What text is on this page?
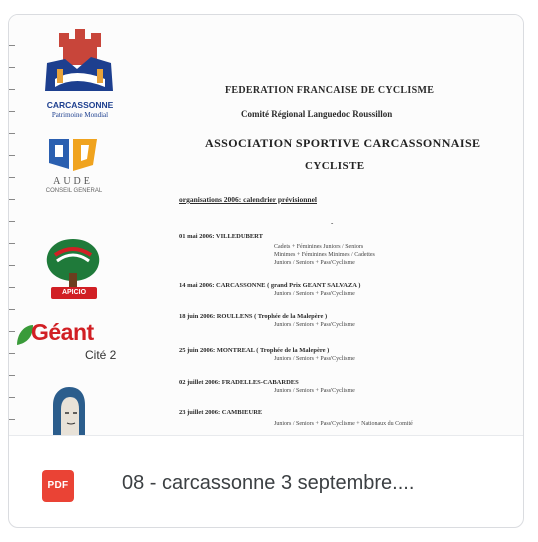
CARCASSONNE
Patrimoine Mondial
AUDE
CONSEIL GENERAL
APICIO
Géant
Cité 2
FEDERATION FRANCAISE DE CYCLISME
Comité Régional Languedoc Roussillon
ASSOCIATION SPORTIVE CARCASSONNAISE
CYCLISTE
organisations 2006: calendrier prévisionnel
-
01 mai 2006: VILLEDUBERT
Cadets + Féminines Juniors / Seniors
Minimes + Féminines Minimes / Cadettes
Juniors / Seniors + Pass'Cyclisme
14 mai 2006: CARCASSONNE ( grand Prix GEANT SALVAZA )
Juniors / Seniors + Pass'Cyclisme
18 juin 2006: ROULLENS ( Trophée de la Malepère )
Juniors / Seniors + Pass'Cyclisme
25 juin 2006: MONTREAL ( Trophée de la Malepère )
Juniors / Seniors + Pass'Cyclisme
02 juillet 2006: FRADELLES-CABARDES
Juniors / Seniors + Pass'Cyclisme
23 juillet 2006: CAMBIEURE
Juniors / Seniors + Pass'Cyclisme + Nationaux du Comité
PDF	08 - carcassonne 3 septembre....
